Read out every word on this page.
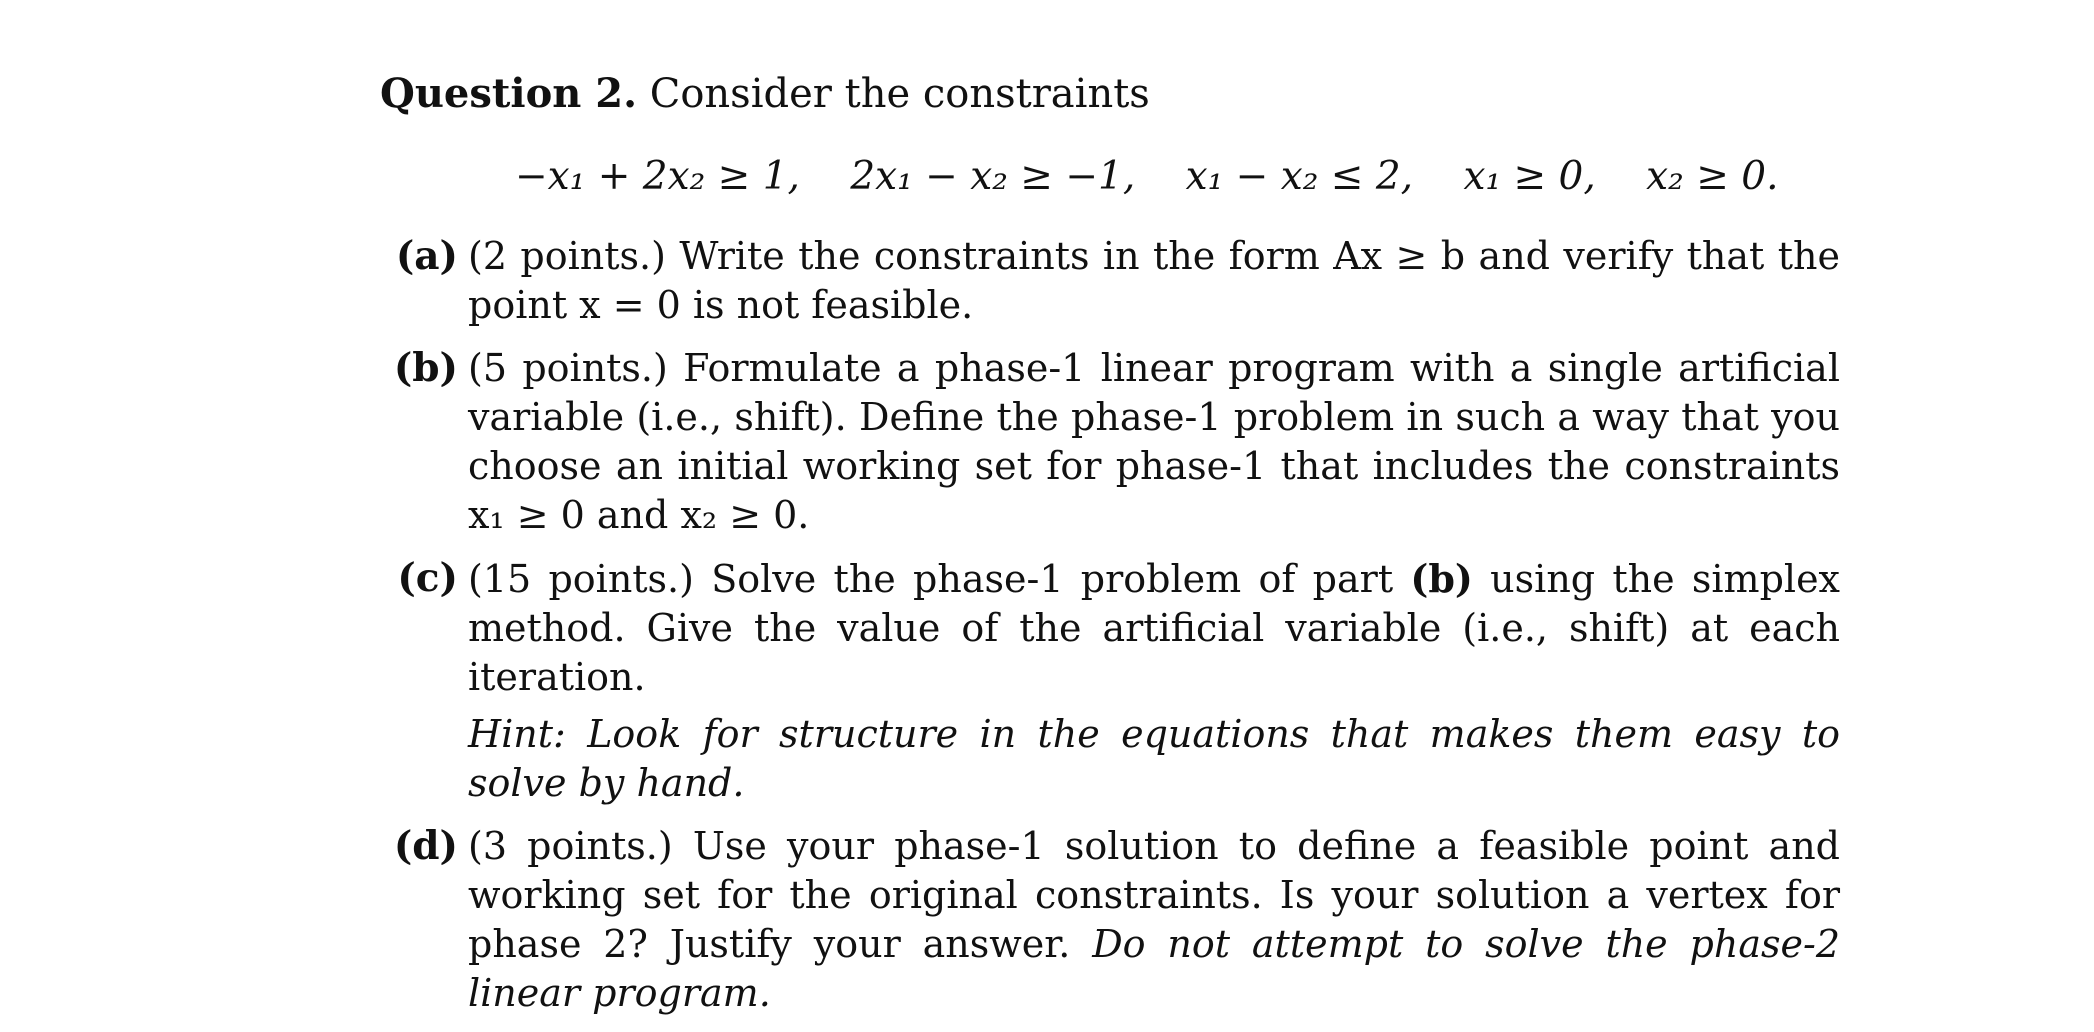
Question 2. Consider the constraints

−x₁ + 2x₂ ≥ 1, 2x₁ − x₂ ≥ −1, x₁ − x₂ ≤ 2, x₁ ≥ 0, x₂ ≥ 0.
(a) (2 points.) Write the constraints in the form Ax ≥ b and verify that the point x = 0 is not feasible.

(b) (5 points.) Formulate a phase-1 linear program with a single artificial variable (i.e., shift). Define the phase-1 problem in such a way that you choose an initial working set for phase-1 that includes the constraints x₁ ≥ 0 and x₂ ≥ 0.

(c) (15 points.) Solve the phase-1 problem of part (b) using the simplex method. Give the value of the artificial variable (i.e., shift) at each iteration.

Hint: Look for structure in the equations that makes them easy to solve by hand.

(d) (3 points.) Use your phase-1 solution to define a feasible point and working set for the original constraints. Is your solution a vertex for phase 2? Justify your answer. Do not attempt to solve the phase-2 linear program.
